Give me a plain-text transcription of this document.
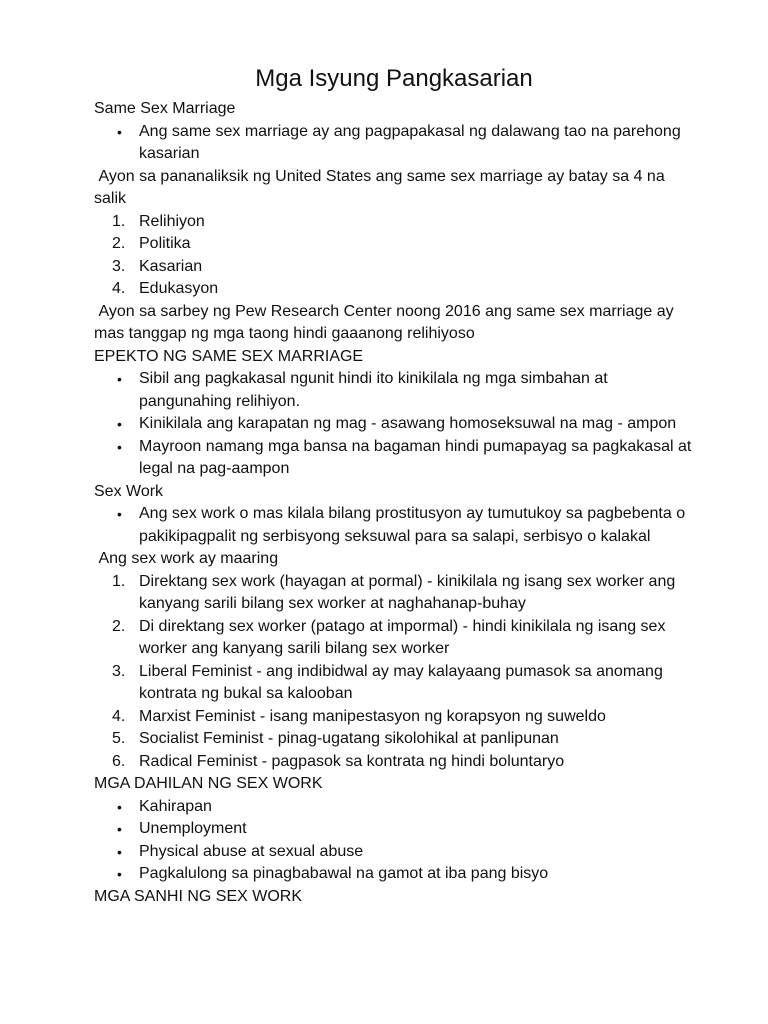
Mga Isyung Pangkasarian

Same Sex Marriage

• Ang same sex marriage ay ang pagpapakasal ng dalawang tao na parehong kasarian

Ayon sa pananaliksik ng United States ang same sex marriage ay batay sa 4 na salik

1. Relihiyon
2. Politika
3. Kasarian
4. Edukasyon

Ayon sa sarbey ng Pew Research Center noong 2016 ang same sex marriage ay mas tanggap ng mga taong hindi gaaanong relihiyoso

EPEKTO NG SAME SEX MARRIAGE

• Sibil ang pagkakasal ngunit hindi ito kinikilala ng mga simbahan at pangunahing relihiyon.
• Kinikilala ang karapatan ng mag - asawang homoseksuwal na mag - ampon
• Mayroon namang mga bansa na bagaman hindi pumapayag sa pagkakasal at legal na pag-aampon

Sex Work

• Ang sex work o mas kilala bilang prostitusyon ay tumutukoy sa pagbebenta o pakikipagpalit ng serbisyong seksuwal para sa salapi, serbisyo o kalakal

Ang sex work ay maaring

1. Direktang sex work (hayagan at pormal) - kinikilala ng isang sex worker ang kanyang sarili bilang sex worker at naghahanap-buhay
2. Di direktang sex worker (patago at impormal) - hindi kinikilala ng isang sex worker ang kanyang sarili bilang sex worker
3. Liberal Feminist - ang indibidwal ay may kalayaang pumasok sa anomang kontrata ng bukal sa kalooban
4. Marxist Feminist - isang manipestasyon ng korapsyon ng suweldo
5. Socialist Feminist - pinag-ugatang sikolohikal at panlipunan
6. Radical Feminist - pagpasok sa kontrata ng hindi boluntaryo

MGA DAHILAN NG SEX WORK

• Kahirapan
• Unemployment
• Physical abuse at sexual abuse
• Pagkalulong sa pinagbabawal na gamot at iba pang bisyo

MGA SANHI NG SEX WORK
